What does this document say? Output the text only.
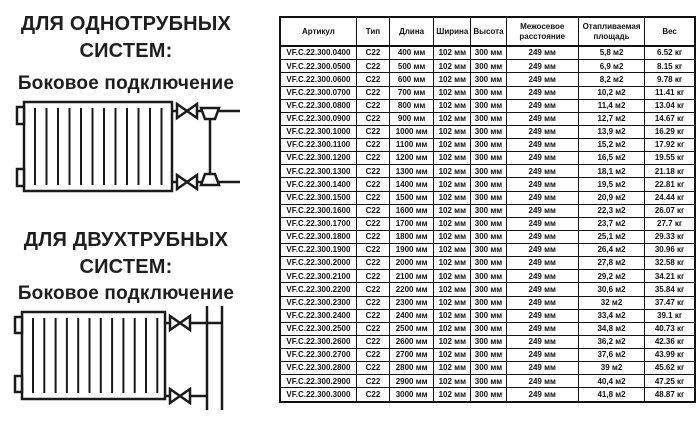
ДЛЯ ОДНОТРУБНЫХ СИСТЕМ:
Боковое подключение
ДЛЯ ДВУХТРУБНЫХ СИСТЕМ:
Боковое подключение
Артикул	Тип	Длина	Ширина	Высота	Межосевое расстояние	Отапливаемая площадь	Вес
VF.C.22.300.0400	C22	400 мм	102 мм	300 мм	249 мм	5,8 м2	6.52 кг
VF.C.22.300.0500	C22	500 мм	102 мм	300 мм	249 мм	6,9 м2	8.15 кг
VF.C.22.300.0600	C22	600 мм	102 мм	300 мм	249 мм	8,2 м2	9.78 кг
VF.C.22.300.0700	C22	700 мм	102 мм	300 мм	249 мм	10,2 м2	11.41 кг
VF.C.22.300.0800	C22	800 мм	102 мм	300 мм	249 мм	11,4 м2	13.04 кг
VF.C.22.300.0900	C22	900 мм	102 мм	300 мм	249 мм	12,7 м2	14.67 кг
VF.C.22.300.1000	C22	1000 мм	102 мм	300 мм	249 мм	13,9 м2	16.29 кг
VF.C.22.300.1100	C22	1100 мм	102 мм	300 мм	249 мм	15,2 м2	17.92 кг
VF.C.22.300.1200	C22	1200 мм	102 мм	300 мм	249 мм	16,5 м2	19.55 кг
VF.C.22.300.1300	C22	1300 мм	102 мм	300 мм	249 мм	18,1 м2	21.18 кг
VF.C.22.300.1400	C22	1400 мм	102 мм	300 мм	249 мм	19,5 м2	22.81 кг
VF.C.22.300.1500	C22	1500 мм	102 мм	300 мм	249 мм	20,9 м2	24.44 кг
VF.C.22.300.1600	C22	1600 мм	102 мм	300 мм	249 мм	22,3 м2	26.07 кг
VF.C.22.300.1700	C22	1700 мм	102 мм	300 мм	249 мм	23,7 м2	27.7 кг
VF.C.22.300.1800	C22	1800 мм	102 мм	300 мм	249 мм	25,1 м2	29.33 кг
VF.C.22.300.1900	C22	1900 мм	102 мм	300 мм	249 мм	26,4 м2	30.96 кг
VF.C.22.300.2000	C22	2000 мм	102 мм	300 мм	249 мм	27,8 м2	32.58 кг
VF.C.22.300.2100	C22	2100 мм	102 мм	300 мм	249 мм	29,2 м2	34.21 кг
VF.C.22.300.2200	C22	2200 мм	102 мм	300 мм	249 мм	30,6 м2	35.84 кг
VF.C.22.300.2300	C22	2300 мм	102 мм	300 мм	249 мм	32 м2	37.47 кг
VF.C.22.300.2400	C22	2400 мм	102 мм	300 мм	249 мм	33,4 м2	39.1 кг
VF.C.22.300.2500	C22	2500 мм	102 мм	300 мм	249 мм	34,8 м2	40.73 кг
VF.C.22.300.2600	C22	2600 мм	102 мм	300 мм	249 мм	36,2 м2	42.36 кг
VF.C.22.300.2700	C22	2700 мм	102 мм	300 мм	249 мм	37,6 м2	43.99 кг
VF.C.22.300.2800	C22	2800 мм	102 мм	300 мм	249 мм	39 м2	45.62 кг
VF.C.22.300.2900	C22	2900 мм	102 мм	300 мм	249 мм	40,4 м2	47.25 кг
VF.C.22.300.3000	C22	3000 мм	102 мм	300 мм	249 мм	41,8 м2	48.87 кг
